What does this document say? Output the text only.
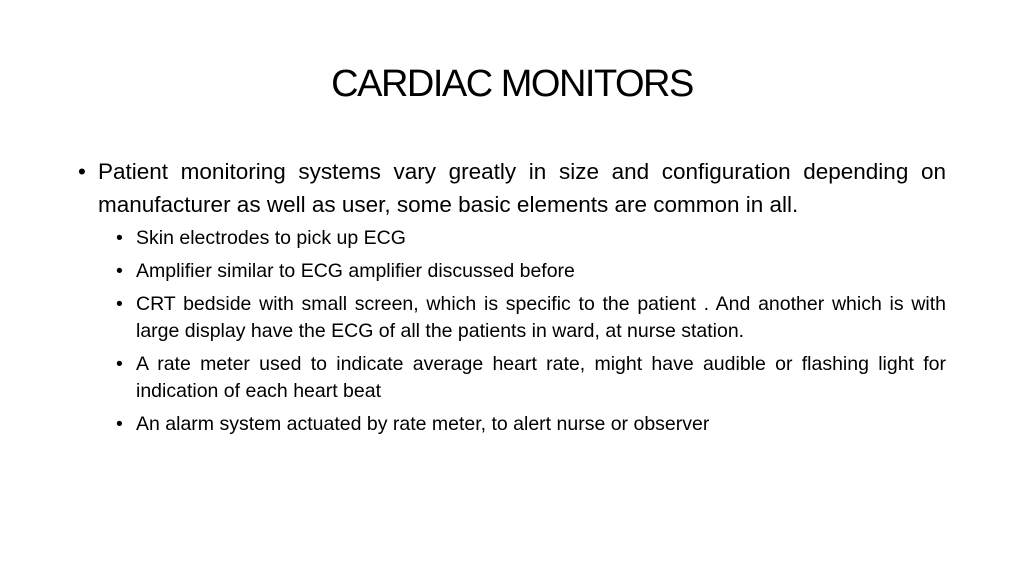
CARDIAC MONITORS

• Patient monitoring systems vary greatly in size and configuration depending on manufacturer as well as user, some basic elements are common in all.

• Skin electrodes to pick up ECG
• Amplifier similar to ECG amplifier discussed before
• CRT bedside with small screen, which is specific to the patient . And another which is with large display have the ECG of all the patients in ward, at nurse station.
• A rate meter used to indicate average heart rate, might have audible or flashing light for indication of each heart beat
• An alarm system actuated by rate meter, to alert nurse or observer
